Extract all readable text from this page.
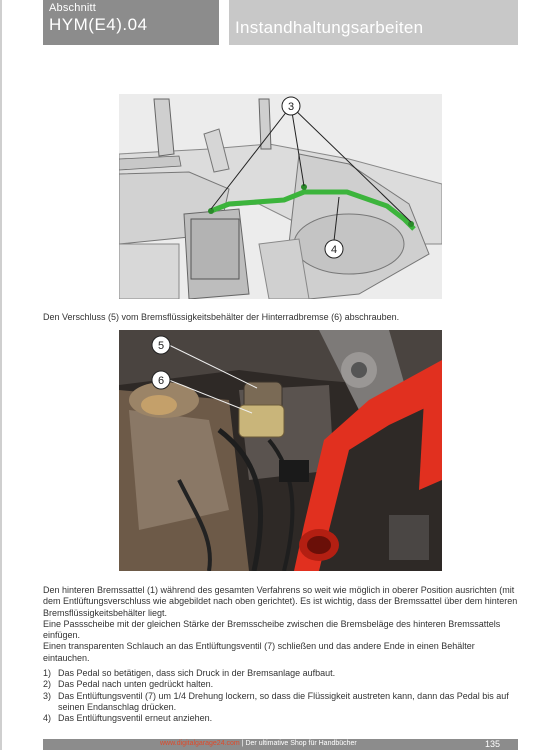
Abschnitt
HYM(E4).04	Instandhaltungsarbeiten
3
4
Den Verschluss (5) vom Bremsflüssigkeitsbehälter der Hinterradbremse (6) abschrauben.
5
6

Den hinteren Bremssattel (1) während des gesamten Verfahrens so weit wie möglich in oberer Position ausrichten (mit dem Entlüftungsverschluss wie abgebildet nach oben gerichtet). Es ist wichtig, dass der Bremssattel über dem hinteren Bremsflüssigkeitsbehälter liegt.

Eine Passscheibe mit der gleichen Stärke der Bremsscheibe zwischen die Bremsbeläge des hinteren Bremssattels einfügen.

Einen transparenten Schlauch an das Entlüftungsventil (7) schließen und das andere Ende in einen Behälter eintauchen.

1) Das Pedal so betätigen, dass sich Druck in der Bremsanlage aufbaut.
2) Das Pedal nach unten gedrückt halten.
3) Das Entlüftungsventil (7) um 1/4 Drehung lockern, so dass die Flüssigkeit austreten kann, dann das Pedal bis auf seinen Endanschlag drücken.
4) Das Entlüftungsventil erneut anziehen.
www.digitalgarage24.com | Der ultimative Shop für Handbücher	135
